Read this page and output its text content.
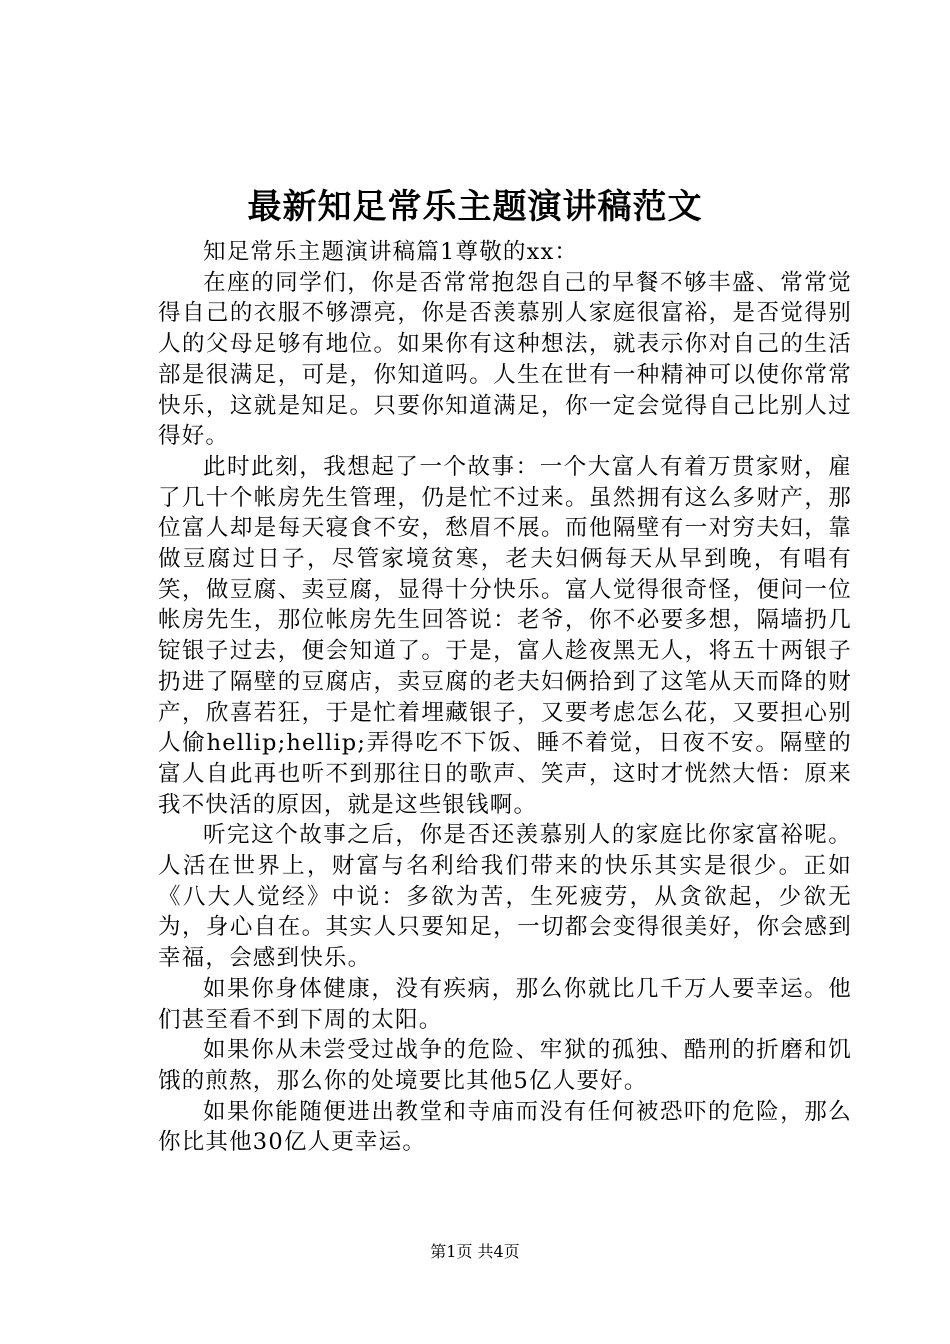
最新知足常乐主题演讲稿范文

知足常乐主题演讲稿篇1尊敬的xx：

在座的同学们，你是否常常抱怨自己的早餐不够丰盛、常常觉得自己的衣服不够漂亮，你是否羡慕别人家庭很富裕，是否觉得别人的父母足够有地位。如果你有这种想法，就表示你对自己的生活部是很满足，可是，你知道吗。人生在世有一种精神可以使你常常快乐，这就是知足。只要你知道满足，你一定会觉得自己比别人过得好。

此时此刻，我想起了一个故事：一个大富人有着万贯家财，雇了几十个帐房先生管理，仍是忙不过来。虽然拥有这么多财产，那位富人却是每天寝食不安，愁眉不展。而他隔壁有一对穷夫妇，靠做豆腐过日子，尽管家境贫寒，老夫妇俩每天从早到晚，有唱有笑，做豆腐、卖豆腐，显得十分快乐。富人觉得很奇怪，便问一位帐房先生，那位帐房先生回答说：老爷，你不必要多想，隔墙扔几锭银子过去，便会知道了。于是，富人趁夜黑无人，将五十两银子扔进了隔壁的豆腐店，卖豆腐的老夫妇俩拾到了这笔从天而降的财产，欣喜若狂，于是忙着埋藏银子，又要考虑怎么花，又要担心别人偷hellip;hellip;弄得吃不下饭、睡不着觉，日夜不安。隔壁的富人自此再也听不到那往日的歌声、笑声，这时才恍然大悟：原来我不快活的原因，就是这些银钱啊。

听完这个故事之后，你是否还羡慕别人的家庭比你家富裕呢。人活在世界上，财富与名利给我们带来的快乐其实是很少。正如《八大人觉经》中说：多欲为苦，生死疲劳，从贪欲起，少欲无为，身心自在。其实人只要知足，一切都会变得很美好，你会感到幸福，会感到快乐。

如果你身体健康，没有疾病，那么你就比几千万人要幸运。他们甚至看不到下周的太阳。

如果你从未尝受过战争的危险、牢狱的孤独、酷刑的折磨和饥饿的煎熬，那么你的处境要比其他5亿人要好。

如果你能随便进出教堂和寺庙而没有任何被恐吓的危险，那么你比其他30亿人更幸运。

第1页 共4页
